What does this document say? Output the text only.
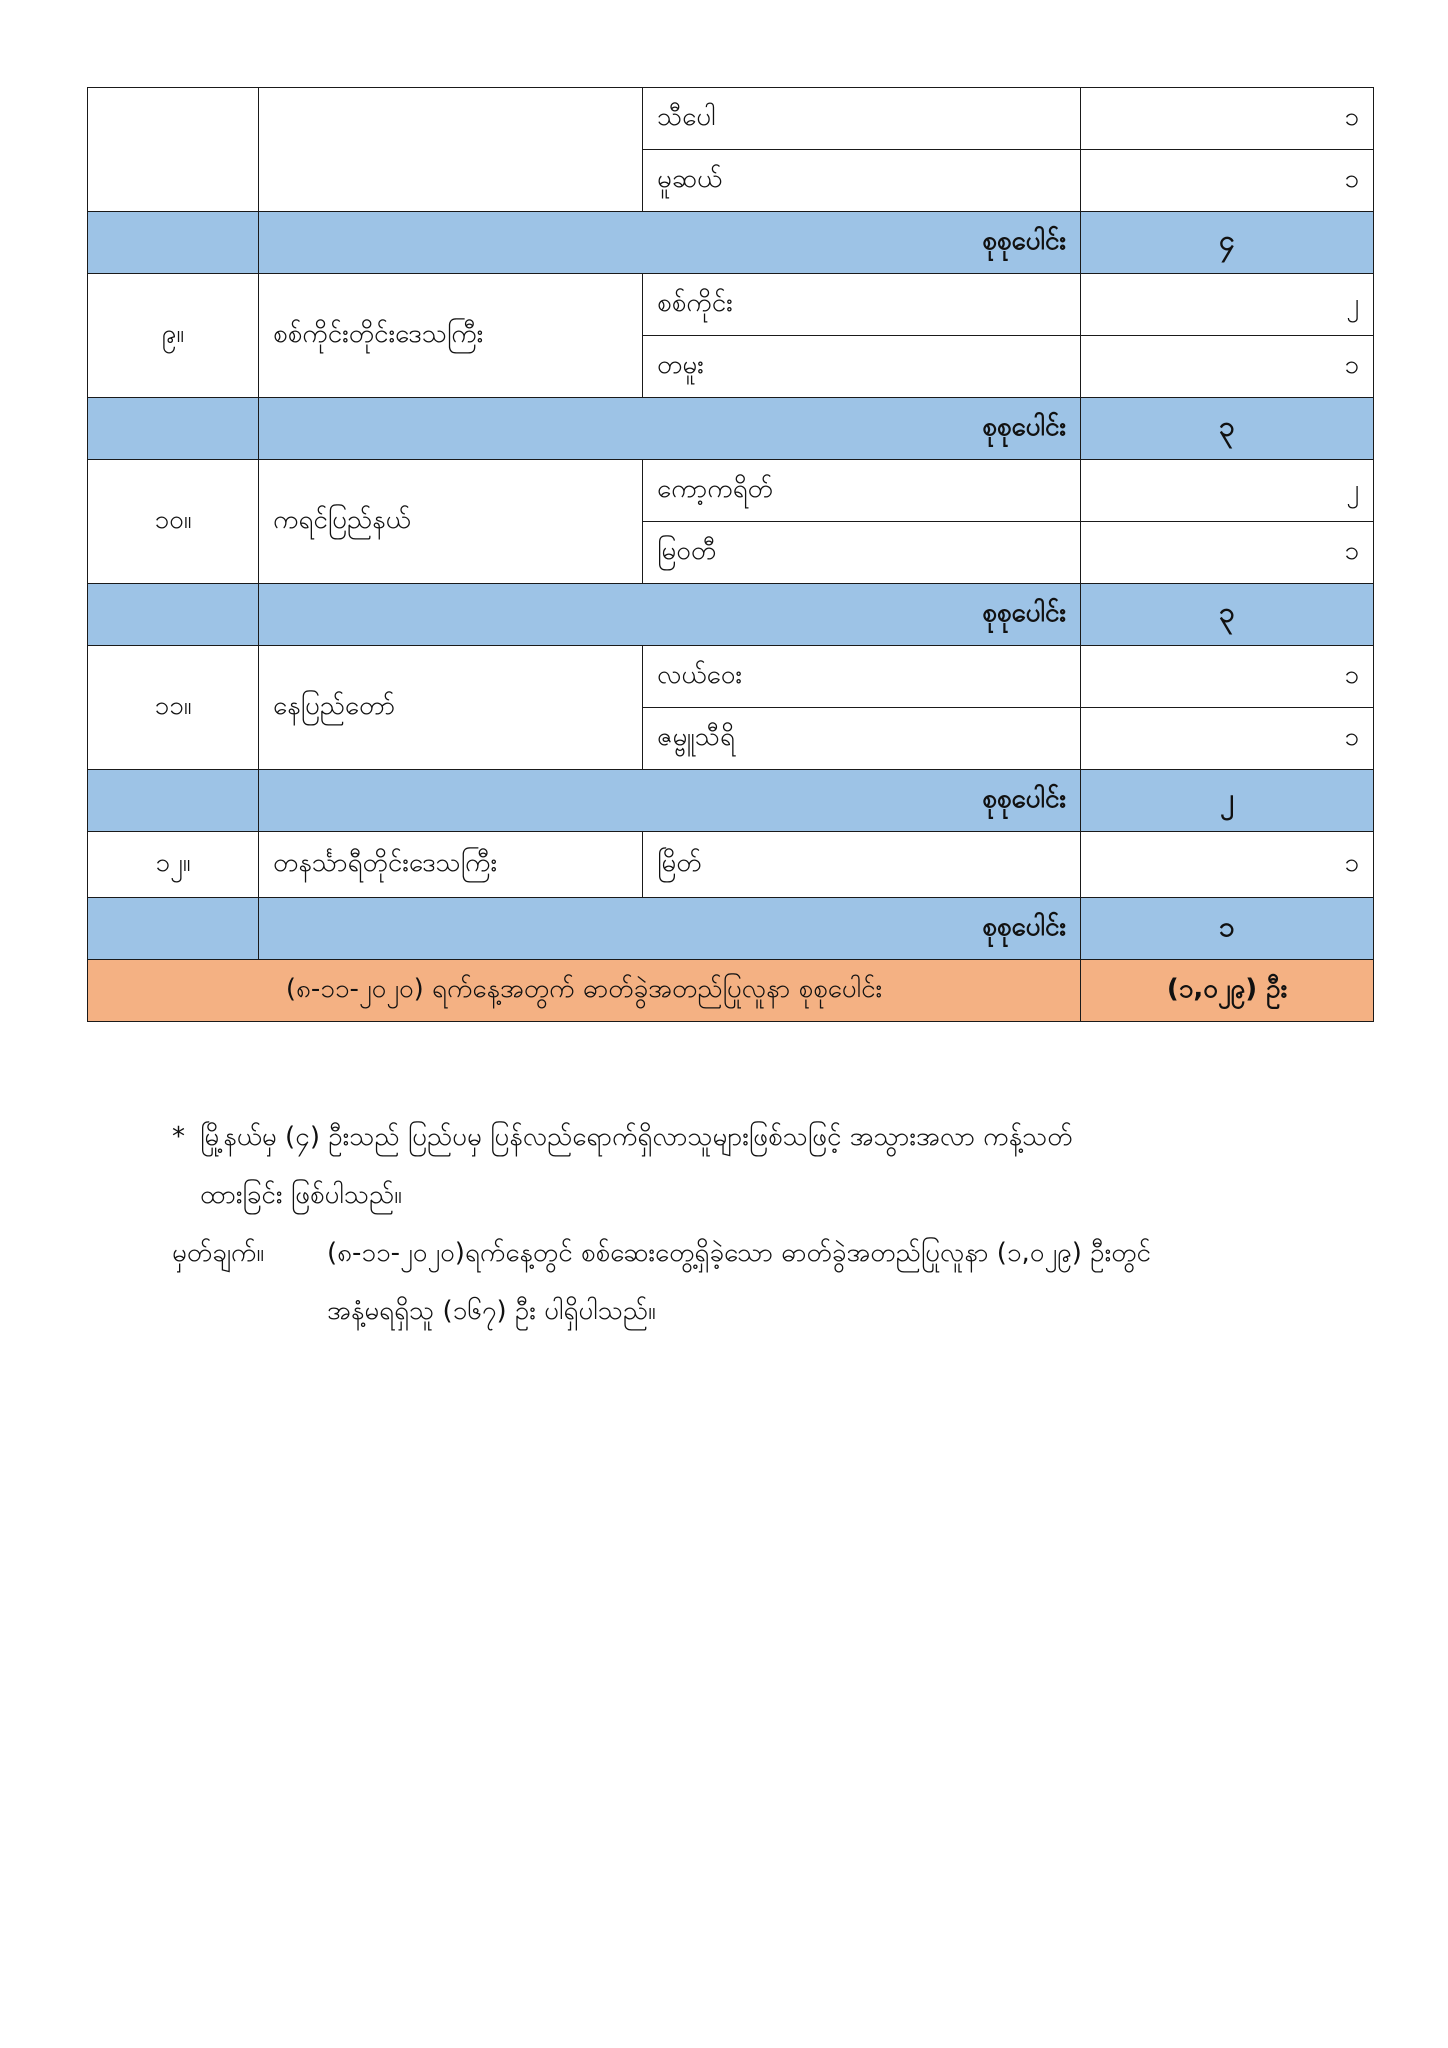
		သီပေါ	၁
		မူဆယ်	၁
	စုစုပေါင်း		၄
၉။	စစ်ကိုင်းတိုင်းဒေသကြီး	စစ်ကိုင်း	၂
		တမူး	၁
	စုစုပေါင်း		၃
၁၀။	ကရင်ပြည်နယ်	ကော့ကရိတ်	၂
		မြဝတီ	၁
	စုစုပေါင်း		၃
၁၁။	နေပြည်တော်	လယ်ဝေး	၁
		ဇမ္ဗူသီရိ	၁
	စုစုပေါင်း		၂
၁၂။	တနင်္သာရီတိုင်းဒေသကြီး	မြိတ်	၁
	စုစုပေါင်း		၁
(၈-၁၁-၂၀၂၀) ရက်နေ့အတွက် ဓာတ်ခွဲအတည်ပြုလူနာ စုစုပေါင်း			(၁,၀၂၉) ဦး
* မြို့နယ်မှ (၄) ဦးသည် ပြည်ပမှ ပြန်လည်ရောက်ရှိလာသူများဖြစ်သဖြင့် အသွားအလာ ကန့်သတ်
ထားခြင်း ဖြစ်ပါသည်။
မှတ်ချက်။ (၈-၁၁-၂၀၂၀)ရက်နေ့တွင် စစ်ဆေးတွေ့ရှိခဲ့သော ဓာတ်ခွဲအတည်ပြုလူနာ (၁,၀၂၉) ဦးတွင်
အနံ့မရရှိသူ (၁၆၇) ဦး ပါရှိပါသည်။
